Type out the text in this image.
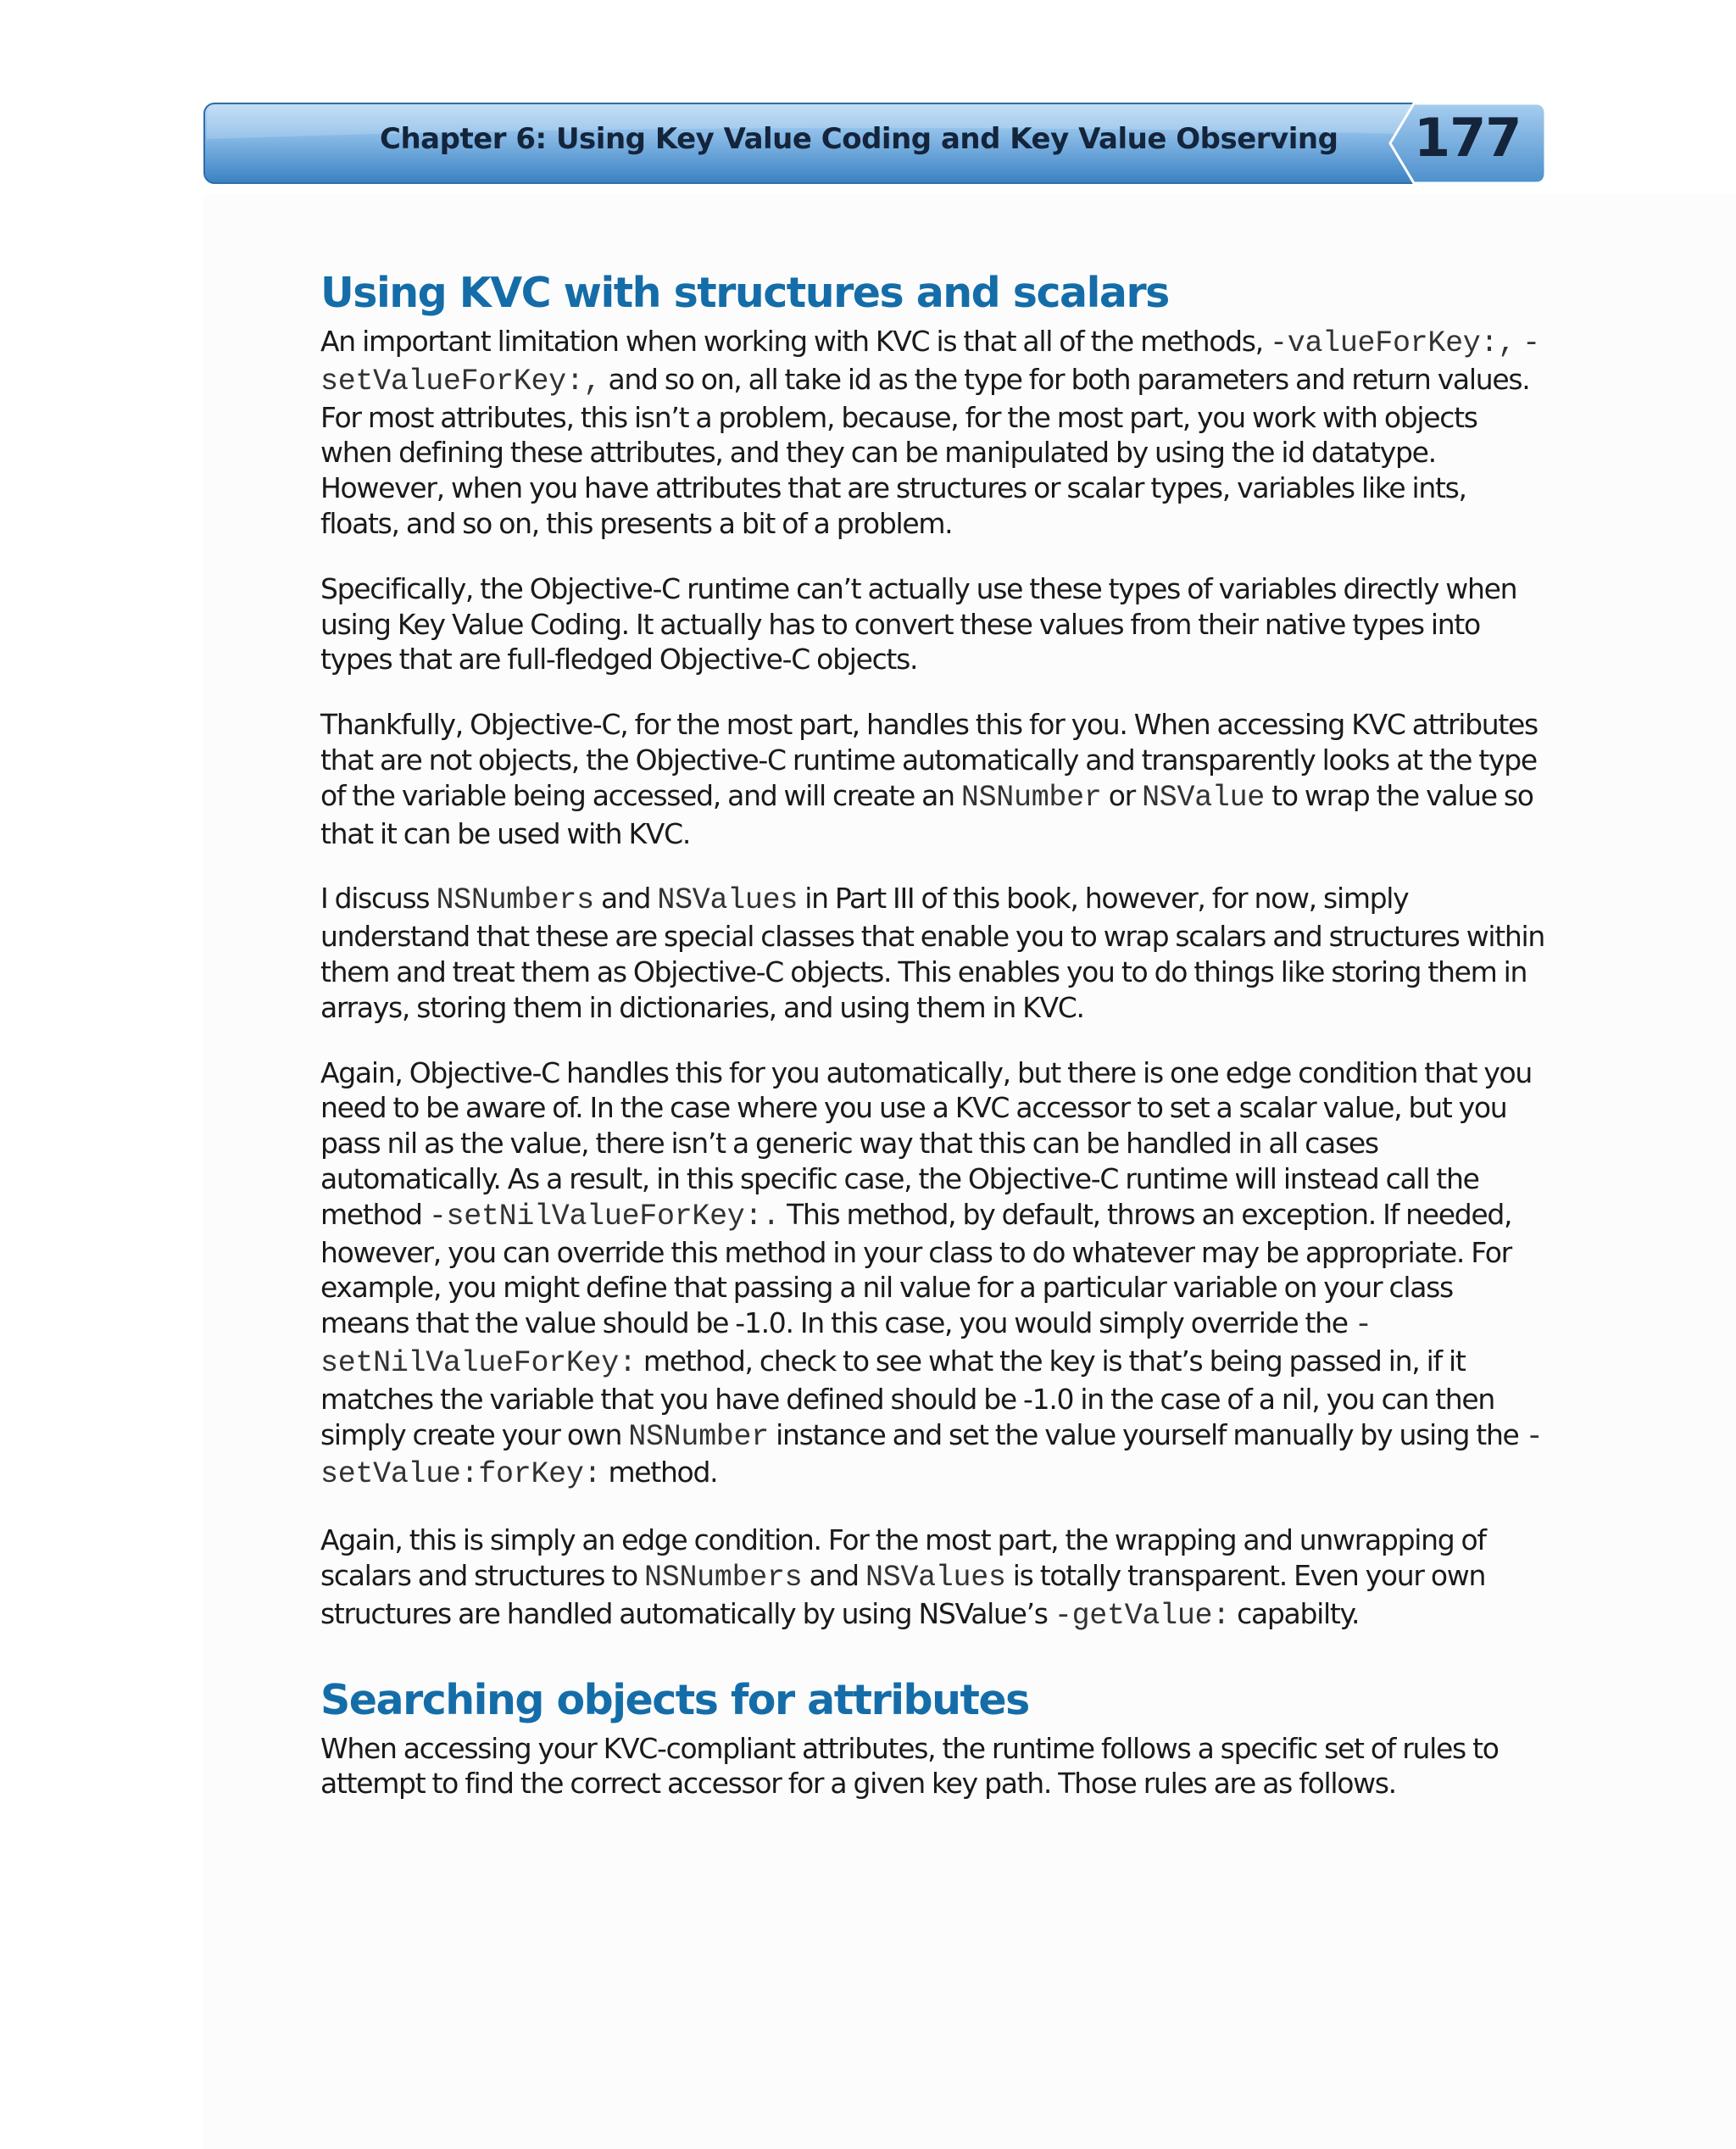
Chapter 6: Using Key Value Coding and Key Value Observing 177
Using KVC with structures and scalars

An important limitation when working with KVC is that all of the methods, -valueForKey:, -setValueForKey:, and so on, all take id as the type for both parameters and return values. For most attributes, this isn’t a problem, because, for the most part, you work with objects when defining these attributes, and they can be manipulated by using the id datatype. However, when you have attributes that are structures or scalar types, variables like ints, floats, and so on, this presents a bit of a problem.

Specifically, the Objective-C runtime can’t actually use these types of variables directly when using Key Value Coding. It actually has to convert these values from their native types into types that are full-fledged Objective-C objects.

Thankfully, Objective-C, for the most part, handles this for you. When accessing KVC attributes that are not objects, the Objective-C runtime automatically and transparently looks at the type of the variable being accessed, and will create an NSNumber or NSValue to wrap the value so that it can be used with KVC.

I discuss NSNumbers and NSValues in Part III of this book, however, for now, simply understand that these are special classes that enable you to wrap scalars and structures within them and treat them as Objective-C objects. This enables you to do things like storing them in arrays, storing them in dictionaries, and using them in KVC.

Again, Objective-C handles this for you automatically, but there is one edge condition that you need to be aware of. In the case where you use a KVC accessor to set a scalar value, but you pass nil as the value, there isn’t a generic way that this can be handled in all cases automatically. As a result, in this specific case, the Objective-C runtime will instead call the method -setNilValueForKey:. This method, by default, throws an exception. If needed, however, you can override this method in your class to do whatever may be appropriate. For example, you might define that passing a nil value for a particular variable on your class means that the value should be -1.0. In this case, you would simply override the -setNilValueForKey: method, check to see what the key is that’s being passed in, if it matches the variable that you have defined should be -1.0 in the case of a nil, you can then simply create your own NSNumber instance and set the value yourself manually by using the -setValue:forKey: method.

Again, this is simply an edge condition. For the most part, the wrapping and unwrapping of scalars and structures to NSNumbers and NSValues is totally transparent. Even your own structures are handled automatically by using NSValue’s -getValue: capabilty.

Searching objects for attributes

When accessing your KVC-compliant attributes, the runtime follows a specific set of rules to attempt to find the correct accessor for a given key path. Those rules are as follows.
